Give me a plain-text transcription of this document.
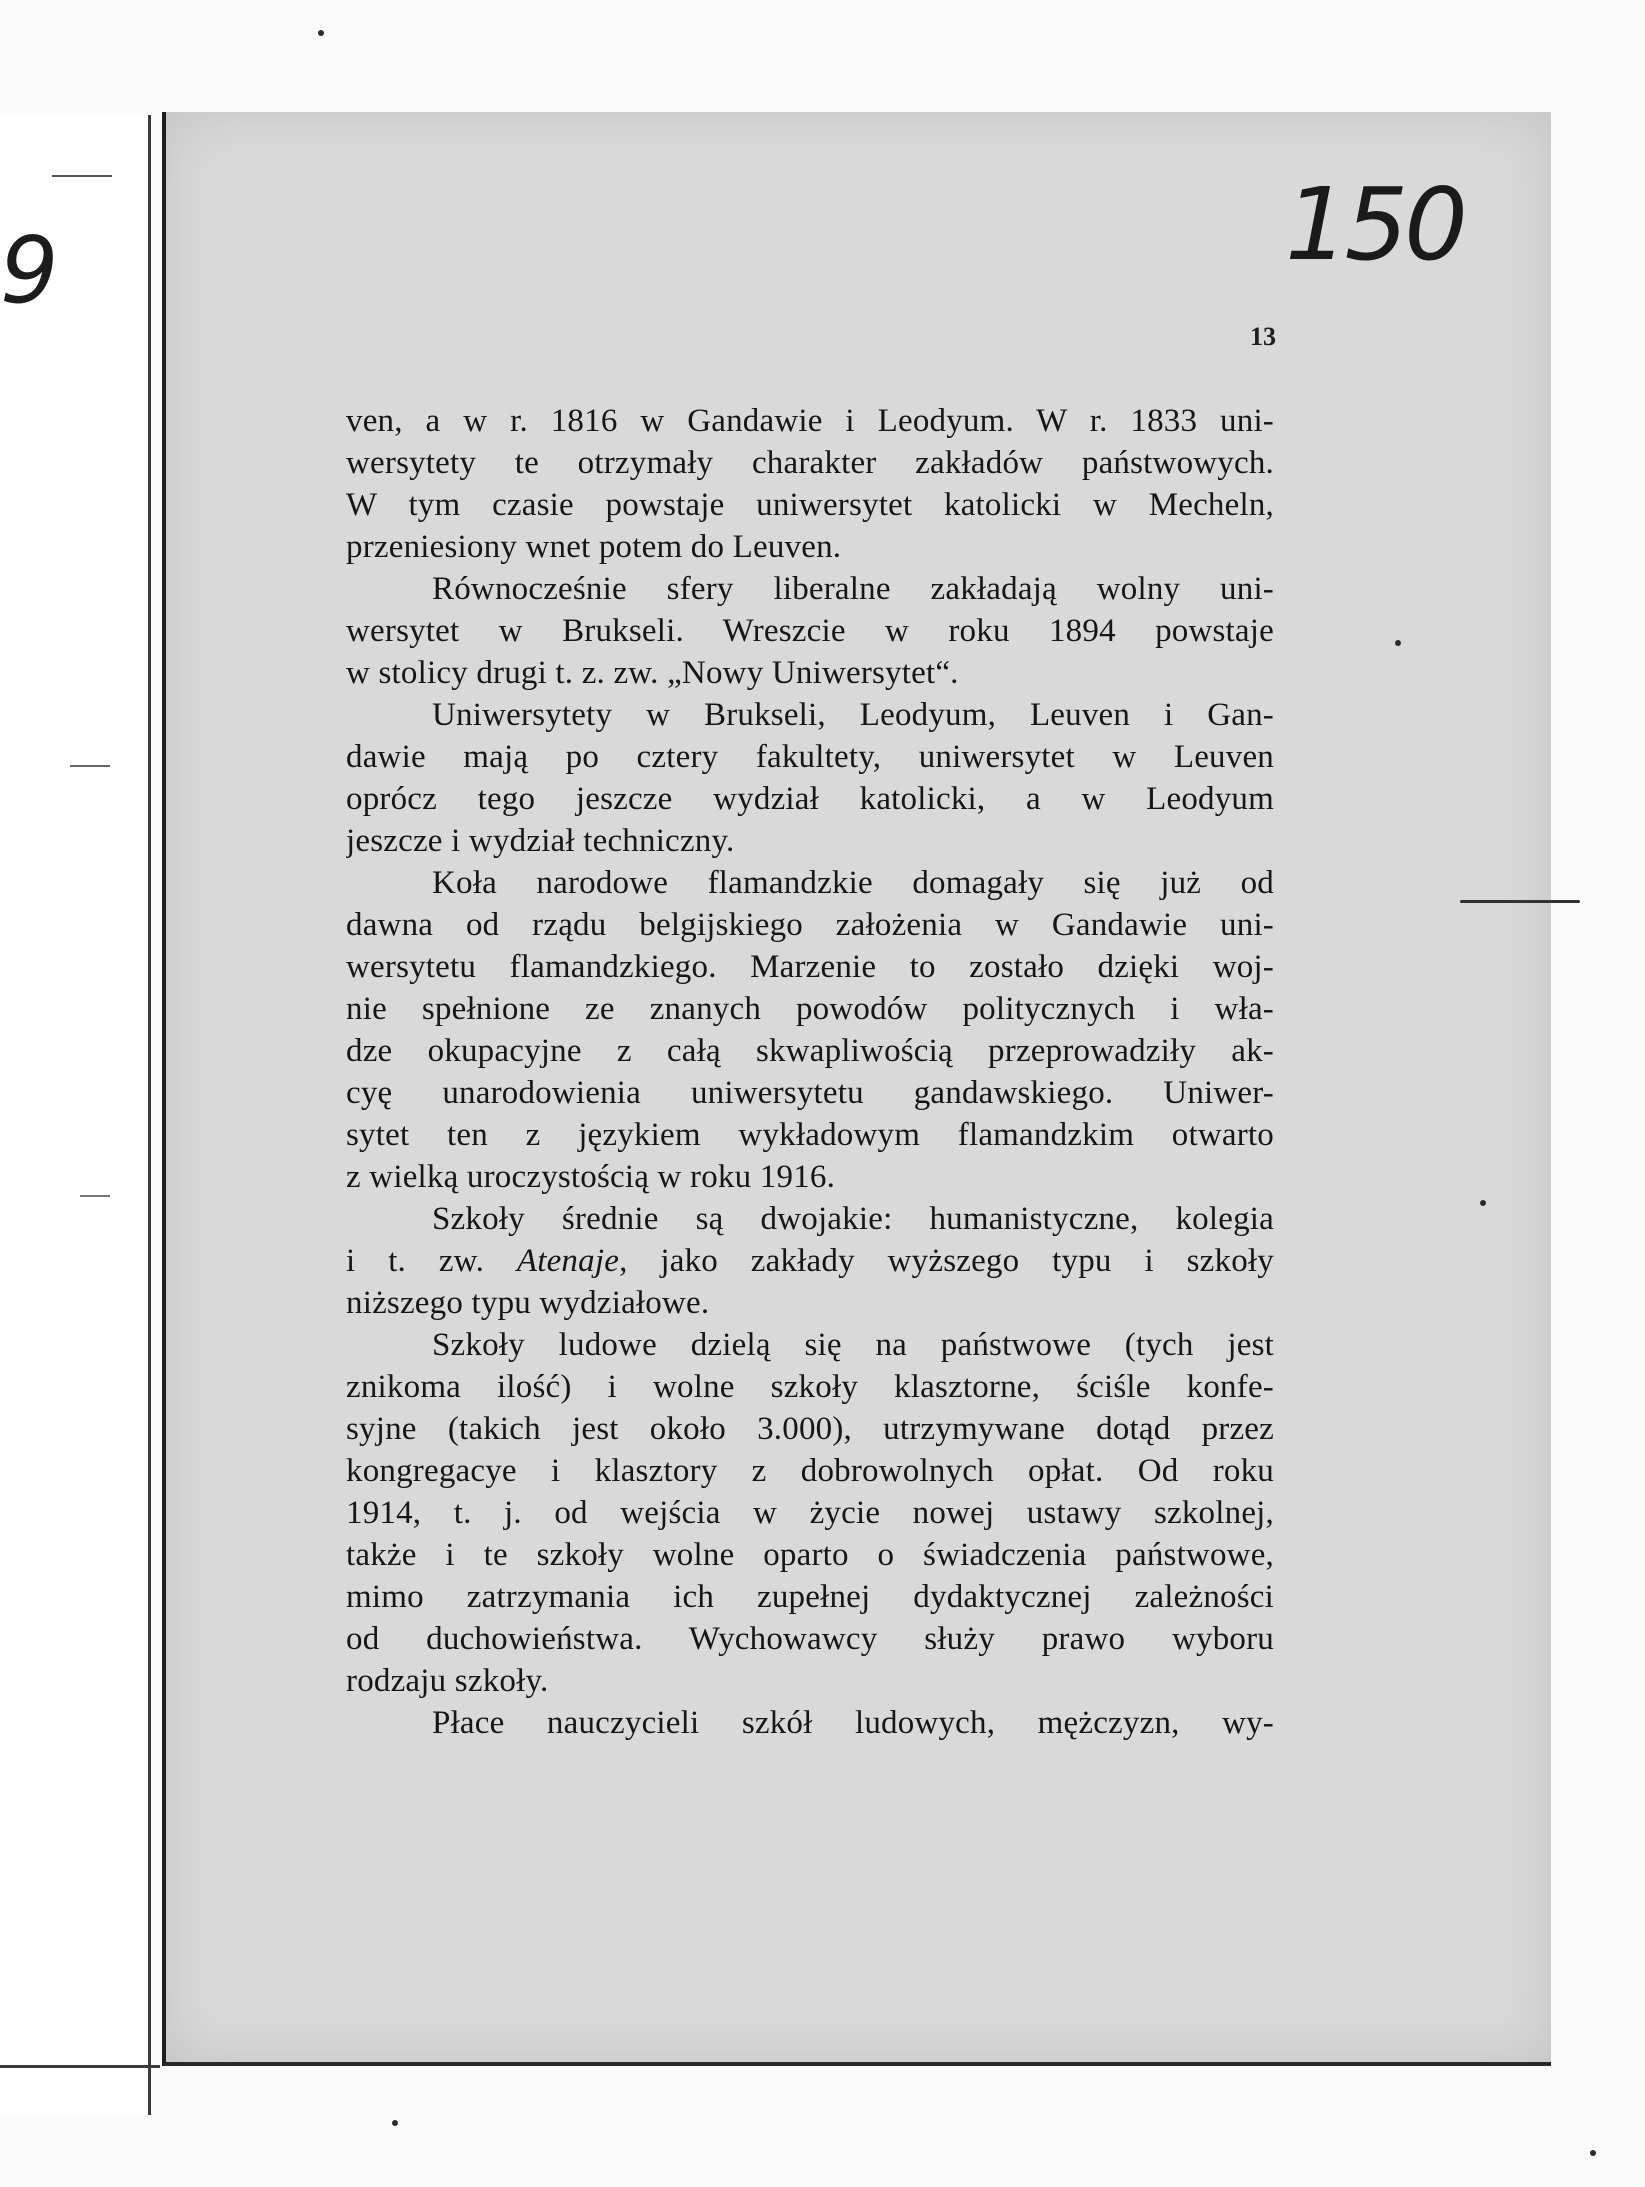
9	150
13
ven, a w r. 1816 w Gandawie i Leodyum. W r. 1833 uni-
wersytety te otrzymały charakter zakładów państwowych.
W tym czasie powstaje uniwersytet katolicki w Mecheln,
przeniesiony wnet potem do Leuven.
Równocześnie sfery liberalne zakładają wolny uni-
wersytet w Brukseli. Wreszcie w roku 1894 powstaje
w stolicy drugi t. z. zw. „Nowy Uniwersytet“.
Uniwersytety w Brukseli, Leodyum, Leuven i Gan-
dawie mają po cztery fakultety, uniwersytet w Leuven
oprócz tego jeszcze wydział katolicki, a w Leodyum
jeszcze i wydział techniczny.
Koła narodowe flamandzkie domagały się już od
dawna od rządu belgijskiego założenia w Gandawie uni-
wersytetu flamandzkiego. Marzenie to zostało dzięki woj-
nie spełnione ze znanych powodów politycznych i wła-
dze okupacyjne z całą skwapliwością przeprowadziły ak-
cyę unarodowienia uniwersytetu gandawskiego. Uniwer-
sytet ten z językiem wykładowym flamandzkim otwarto
z wielką uroczystością w roku 1916.
Szkoły średnie są dwojakie: humanistyczne, kolegia
i t. zw. Atenaje, jako zakłady wyższego typu i szkoły
niższego typu wydziałowe.
Szkoły ludowe dzielą się na państwowe (tych jest
znikoma ilość) i wolne szkoły klasztorne, ściśle konfe-
syjne (takich jest około 3.000), utrzymywane dotąd przez
kongregacye i klasztory z dobrowolnych opłat. Od roku
1914, t. j. od wejścia w życie nowej ustawy szkolnej,
także i te szkoły wolne oparto o świadczenia państwowe,
mimo zatrzymania ich zupełnej dydaktycznej zależności
od duchowieństwa. Wychowawcy służy prawo wyboru
rodzaju szkoły.
Płace nauczycieli szkół ludowych, mężczyzn, wy-
